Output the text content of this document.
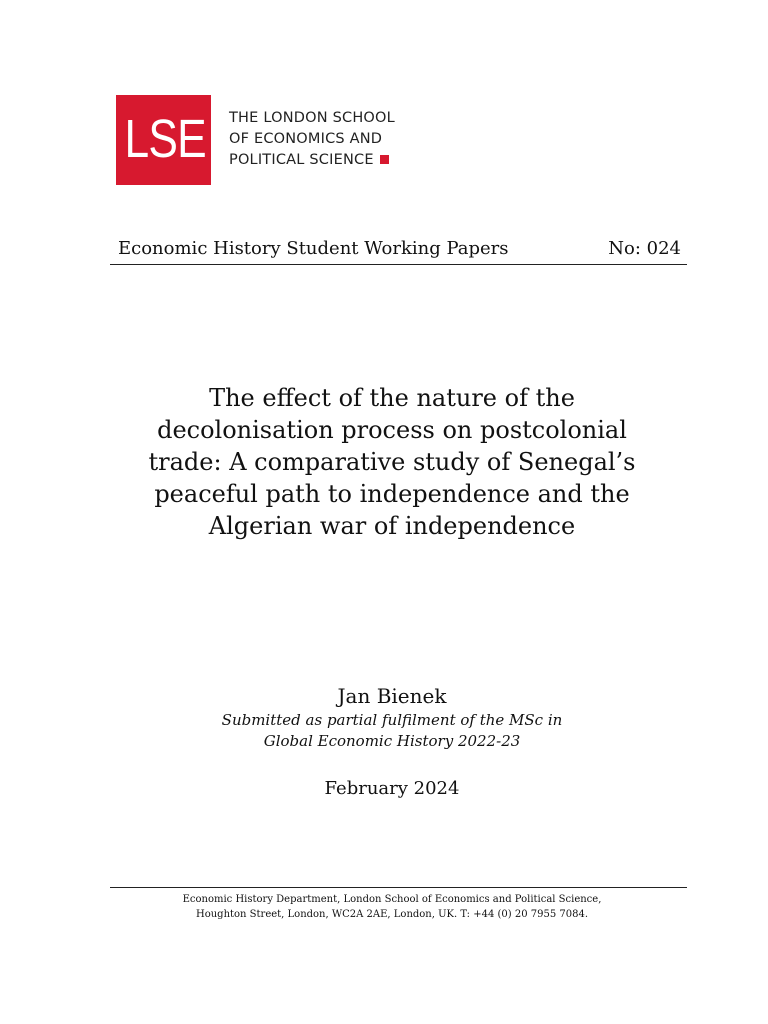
LSE THE LONDON SCHOOL
OF ECONOMICS AND
POLITICAL SCIENCE
Economic History Student Working Papers	No: 024
The effect of the nature of the
decolonisation process on postcolonial
trade: A comparative study of Senegal’s
peaceful path to independence and the
Algerian war of independence
Jan Bienek
Submitted as partial fulfilment of the MSc in
Global Economic History 2022-23
February 2024
Economic History Department, London School of Economics and Political Science,
Houghton Street, London, WC2A 2AE, London, UK. T: +44 (0) 20 7955 7084.
